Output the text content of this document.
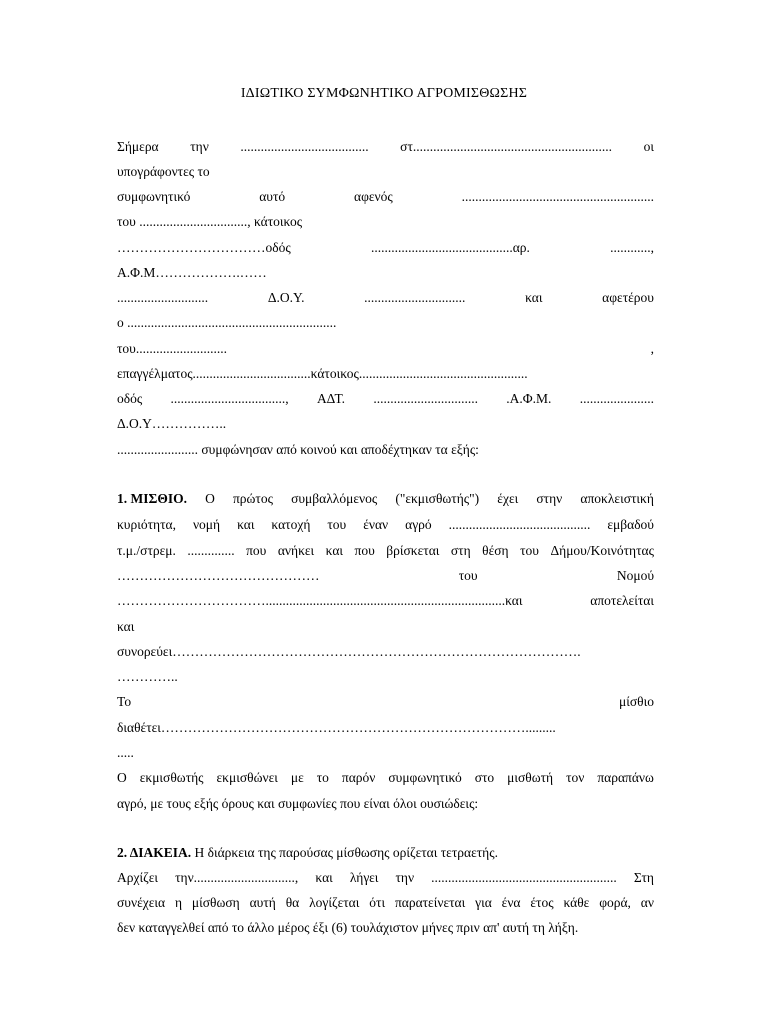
ΙΔΙΩΤΙΚΟ ΣΥΜΦΩΝΗΤΙΚΟ ΑΓΡΟΜΙΣΘΩΣΗΣ
Σήμερα την ...................................... στ........................................................... οι
υπογράφοντες το
συμφωνητικό	αυτό	αφενός	.........................................................
του ................................, κάτοικος
……………………………οδός	..........................................αρ.	............,
Α.Φ.Μ……………….……
...........................	Δ.Ο.Υ.	..............................	και	αφετέρου
ο ..............................................................
του...........................	,
επαγγέλματος...................................κάτοικος..................................................
οδός .................................., ΑΔΤ. ............................... .Α.Φ.Μ. ......................
Δ.Ο.Υ……………..
........................ συμφώνησαν από κοινού και αποδέχτηκαν τα εξής:
1. ΜΙΣΘΙΟ. Ο πρώτος συμβαλλόμενος ("εκμισθωτής") έχει στην αποκλειστική
κυριότητα, νομή και κατοχή του έναν αγρό .......................................... εμβαδού
τ.μ./στρεμ. .............. που ανήκει και που βρίσκεται στη θέση του Δήμου/Κοινότητας
………………………………………	του	Νομού
…………………………….......................................................................και	αποτελείται
και
συνορεύει……………………………………………………………………………….
…………..
Το	μίσθιο
διαθέτει……………………………………………………………………….........
.....
Ο εκμισθωτής εκμισθώνει με το παρόν συμφωνητικό στο μισθωτή τον παραπάνω
αγρό, με τους εξής όρους και συμφωνίες που είναι όλοι ουσιώδεις:
2. ΔΙΑΚΕΙΑ. Η διάρκεια της παρούσας μίσθωσης ορίζεται τετραετής.
Αρχίζει την.............................., και λήγει την ....................................................... Στη
συνέχεια η μίσθωση αυτή θα λογίζεται ότι παρατείνεται για ένα έτος κάθε φορά, αν
δεν καταγγελθεί από το άλλο μέρος έξι (6) τουλάχιστον μήνες πριν απ' αυτή τη λήξη.
